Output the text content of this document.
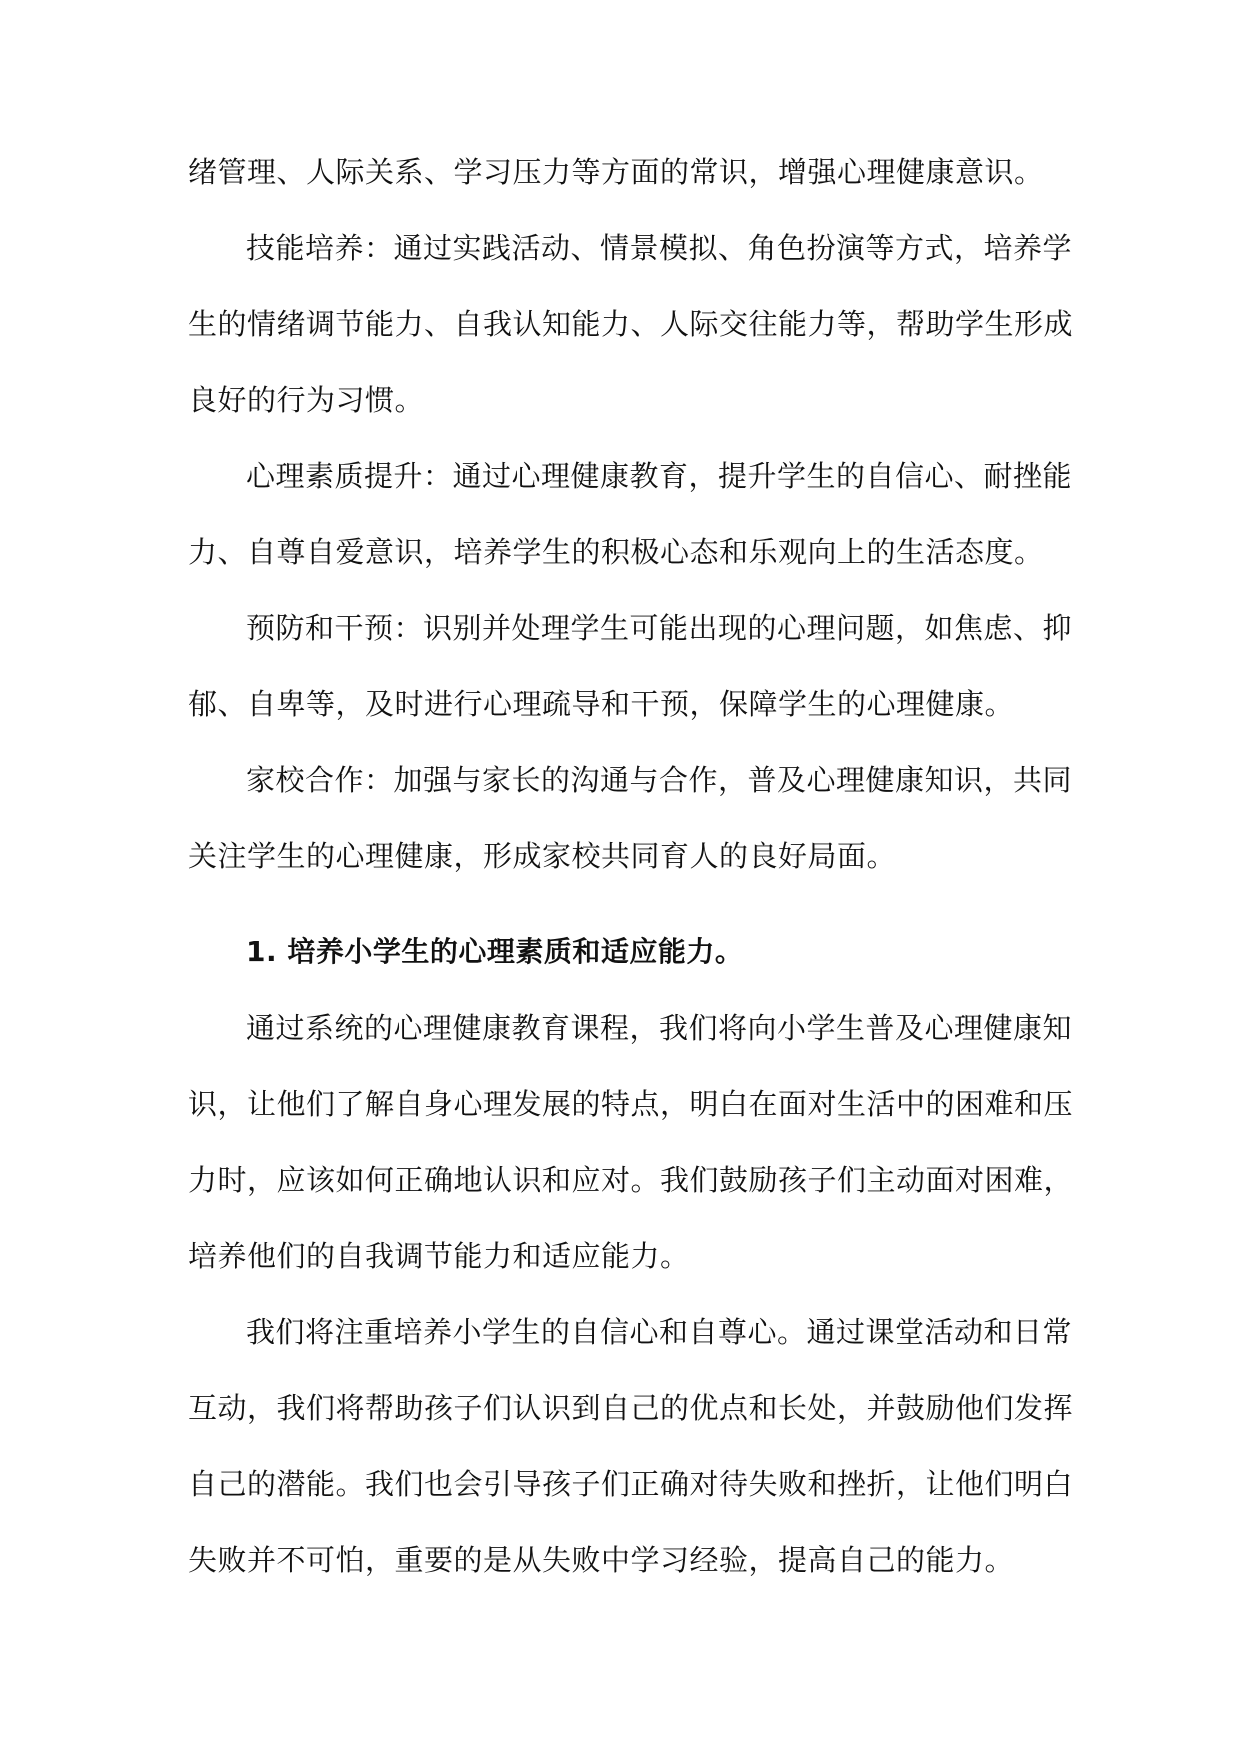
绪管理、人际关系、学习压力等方面的常识，增强心理健康意识。
技能培养：通过实践活动、情景模拟、角色扮演等方式，培养学
生的情绪调节能力、自我认知能力、人际交往能力等，帮助学生形成
良好的行为习惯。
心理素质提升：通过心理健康教育，提升学生的自信心、耐挫能
力、自尊自爱意识，培养学生的积极心态和乐观向上的生活态度。
预防和干预：识别并处理学生可能出现的心理问题，如焦虑、抑
郁、自卑等，及时进行心理疏导和干预，保障学生的心理健康。
家校合作：加强与家长的沟通与合作，普及心理健康知识，共同
关注学生的心理健康，形成家校共同育人的良好局面。
1. 培养小学生的心理素质和适应能力。
通过系统的心理健康教育课程，我们将向小学生普及心理健康知
识，让他们了解自身心理发展的特点，明白在面对生活中的困难和压
力时，应该如何正确地认识和应对。我们鼓励孩子们主动面对困难，
培养他们的自我调节能力和适应能力。
我们将注重培养小学生的自信心和自尊心。通过课堂活动和日常
互动，我们将帮助孩子们认识到自己的优点和长处，并鼓励他们发挥
自己的潜能。我们也会引导孩子们正确对待失败和挫折，让他们明白
失败并不可怕，重要的是从失败中学习经验，提高自己的能力。
